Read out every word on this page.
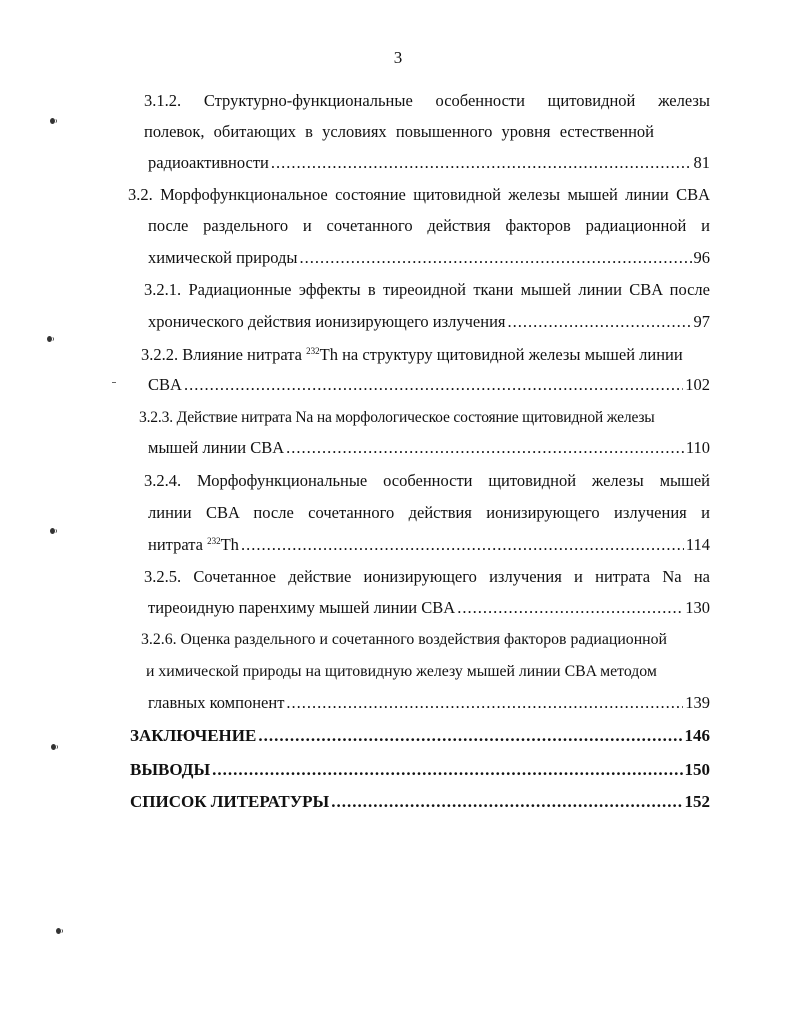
3
3.1.2. Структурно-функциональные особенности щитовидной железы
полевок, обитающих в условиях повышенного уровня естественной
радиоактивности .....	81
3.2. Морфофункциональное состояние щитовидной железы мышей линии CBA
после раздельного и сочетанного действия факторов радиационной и
химической природы .....	96
3.2.1. Радиационные эффекты в тиреоидной ткани мышей линии CBA после
хронического действия ионизирующего излучения .....	97
3.2.2. Влияние нитрата $^{232}$Th на структуру щитовидной железы мышей линии
CBA .....	102
3.2.3. Действие нитрата Na на морфологическое состояние щитовидной железы
мышей линии CBA .....	110
3.2.4. Морфофункциональные особенности щитовидной железы мышей
линии CBA после сочетанного действия ионизирующего излучения и
нитрата $^{232}$Th .....	114
3.2.5. Сочетанное действие ионизирующего излучения и нитрата Na на
тиреоидную паренхиму мышей линии CBA .....	130
3.2.6. Оценка раздельного и сочетанного воздействия факторов радиационной
и химической природы на щитовидную железу мышей линии CBA методом
главных компонент .....	139
ЗАКЛЮЧЕНИЕ .....	146
ВЫВОДЫ .....	150
СПИСОК ЛИТЕРАТУРЫ .....	152
